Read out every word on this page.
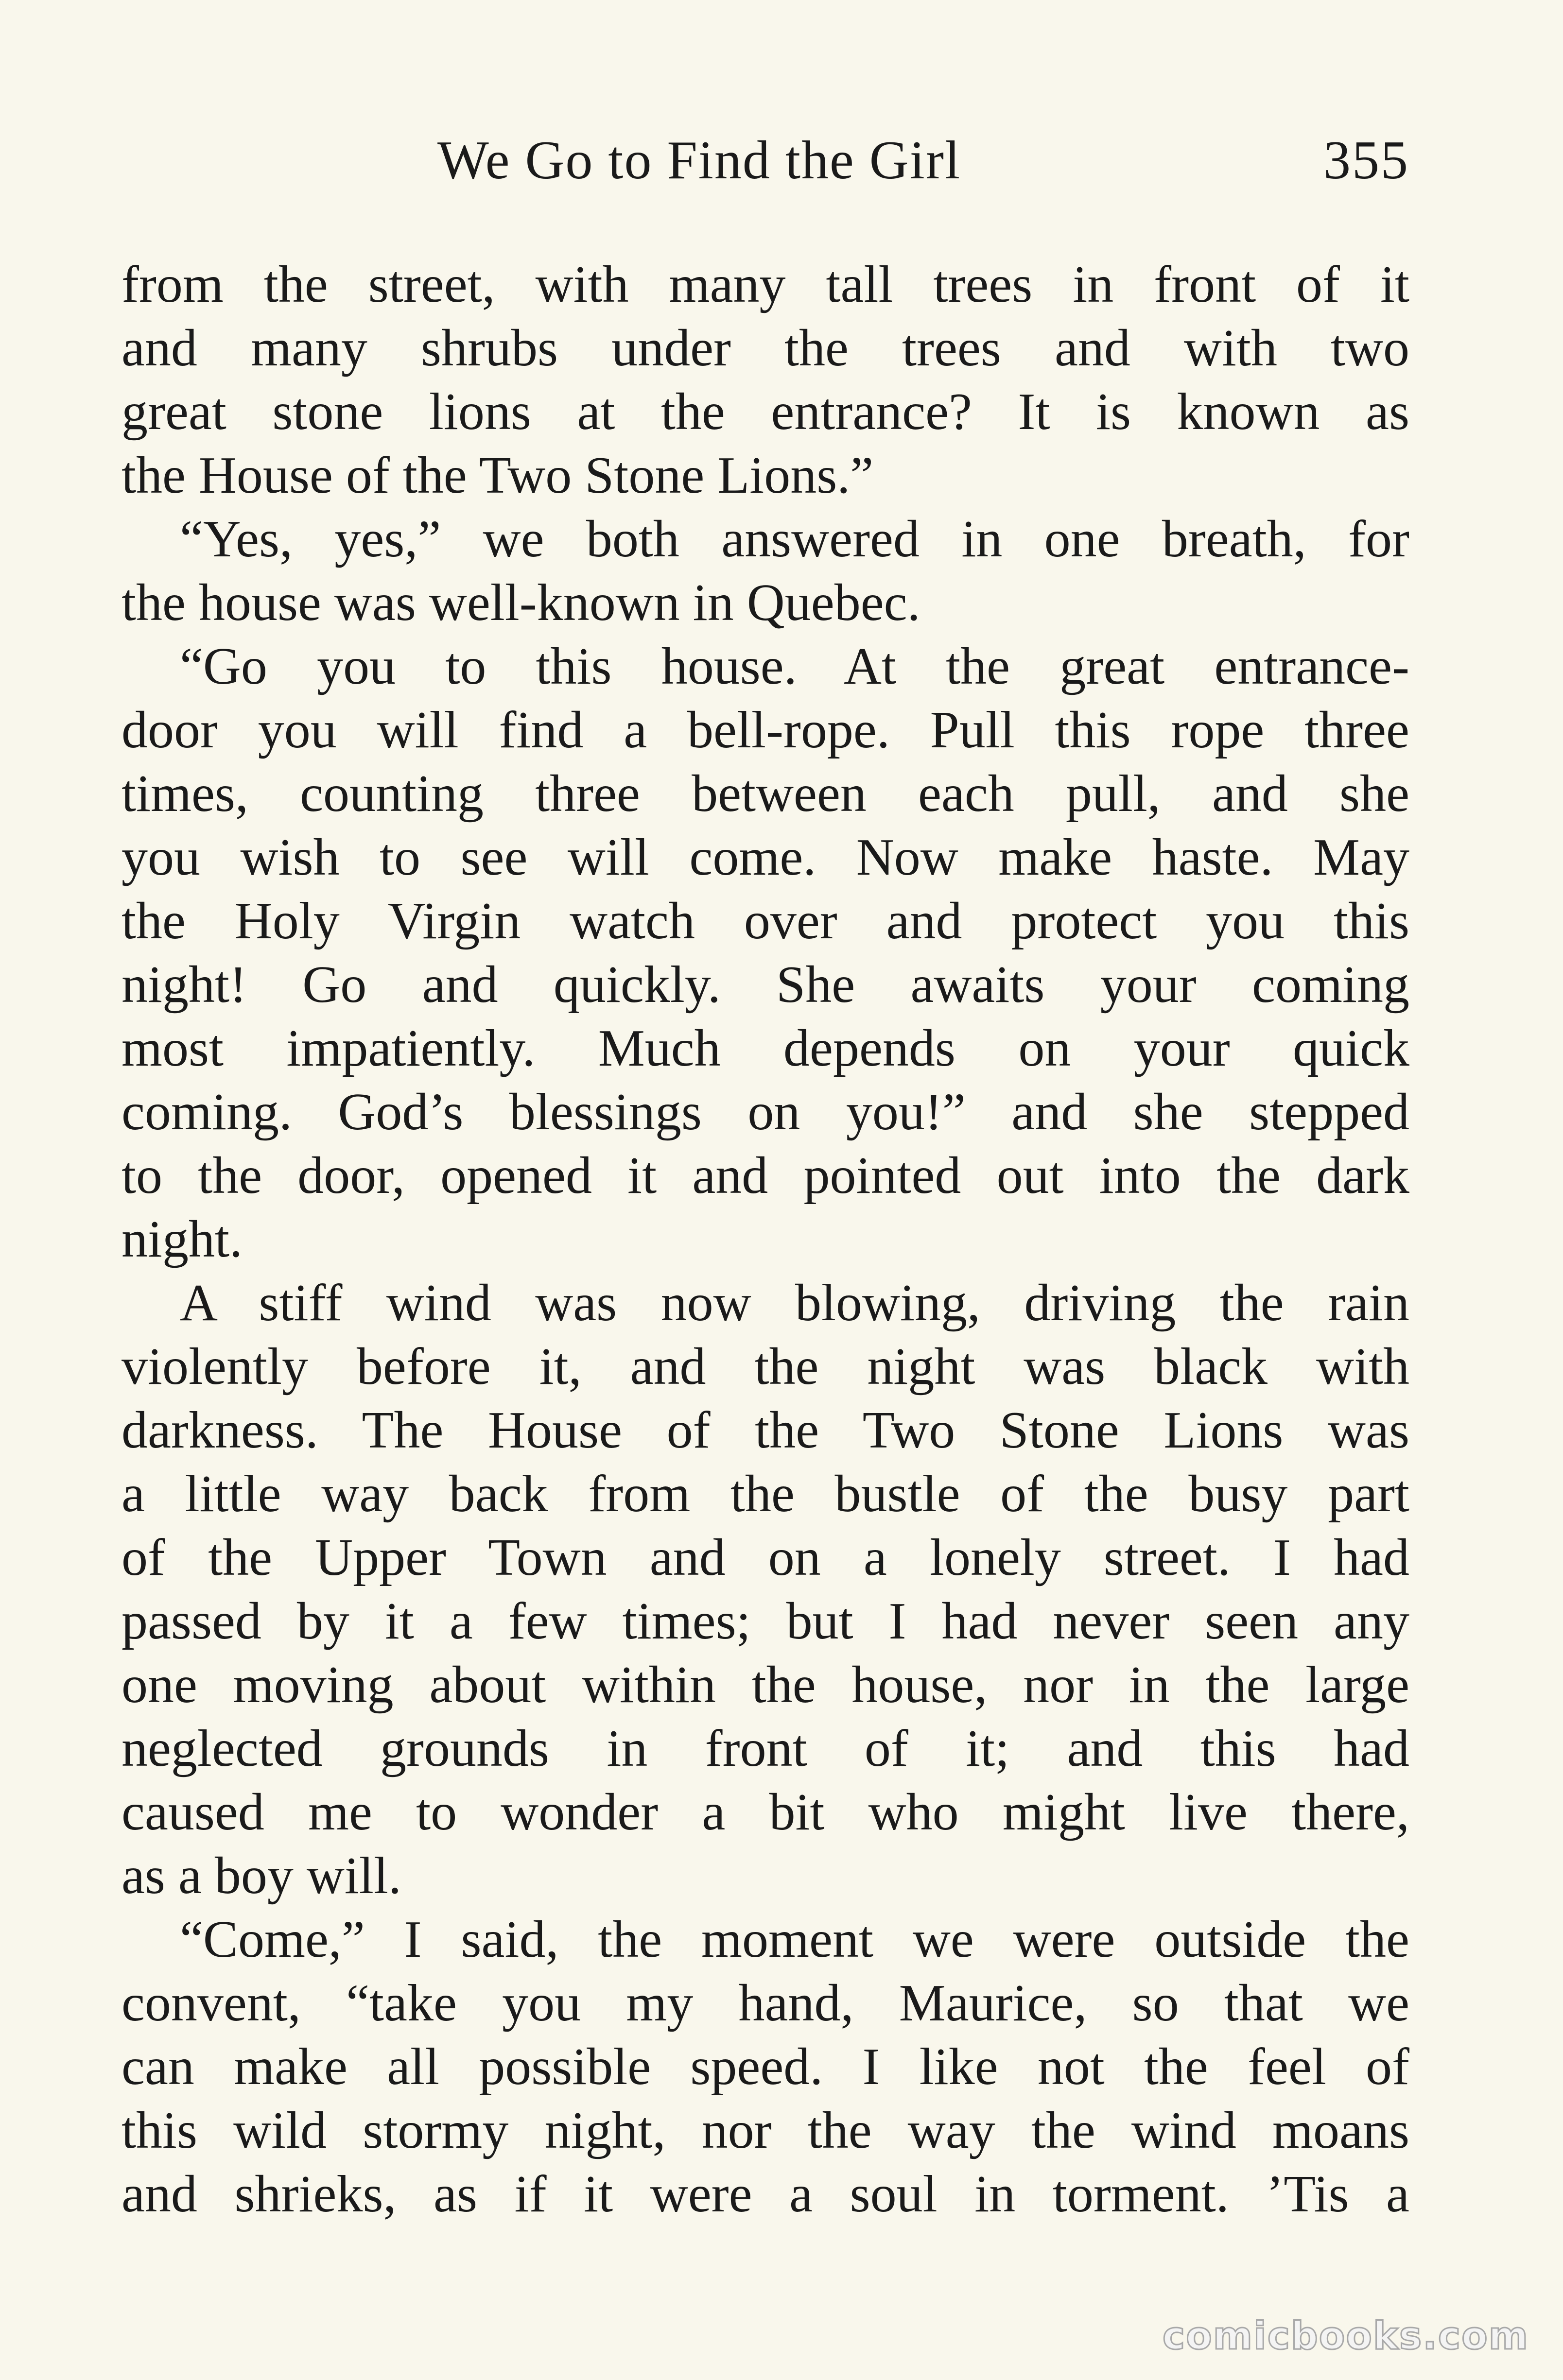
We Go to Find the Girl	355
from the street, with many tall trees in front of it
and many shrubs under the trees and with two
great stone lions at the entrance? It is known as
the House of the Two Stone Lions.”
“Yes, yes,” we both answered in one breath, for
the house was well-known in Quebec.
“Go you to this house. At the great entrance-
door you will find a bell-rope. Pull this rope three
times, counting three between each pull, and she
you wish to see will come. Now make haste. May
the Holy Virgin watch over and protect you this
night! Go and quickly. She awaits your coming
most impatiently. Much depends on your quick
coming. God’s blessings on you!” and she stepped
to the door, opened it and pointed out into the dark
night.
A stiff wind was now blowing, driving the rain
violently before it, and the night was black with
darkness. The House of the Two Stone Lions was
a little way back from the bustle of the busy part
of the Upper Town and on a lonely street. I had
passed by it a few times; but I had never seen any
one moving about within the house, nor in the large
neglected grounds in front of it; and this had
caused me to wonder a bit who might live there,
as a boy will.
“Come,” I said, the moment we were outside the
convent, “take you my hand, Maurice, so that we
can make all possible speed. I like not the feel of
this wild stormy night, nor the way the wind moans
and shrieks, as if it were a soul in torment. ’Tis a
comicbooks.com
